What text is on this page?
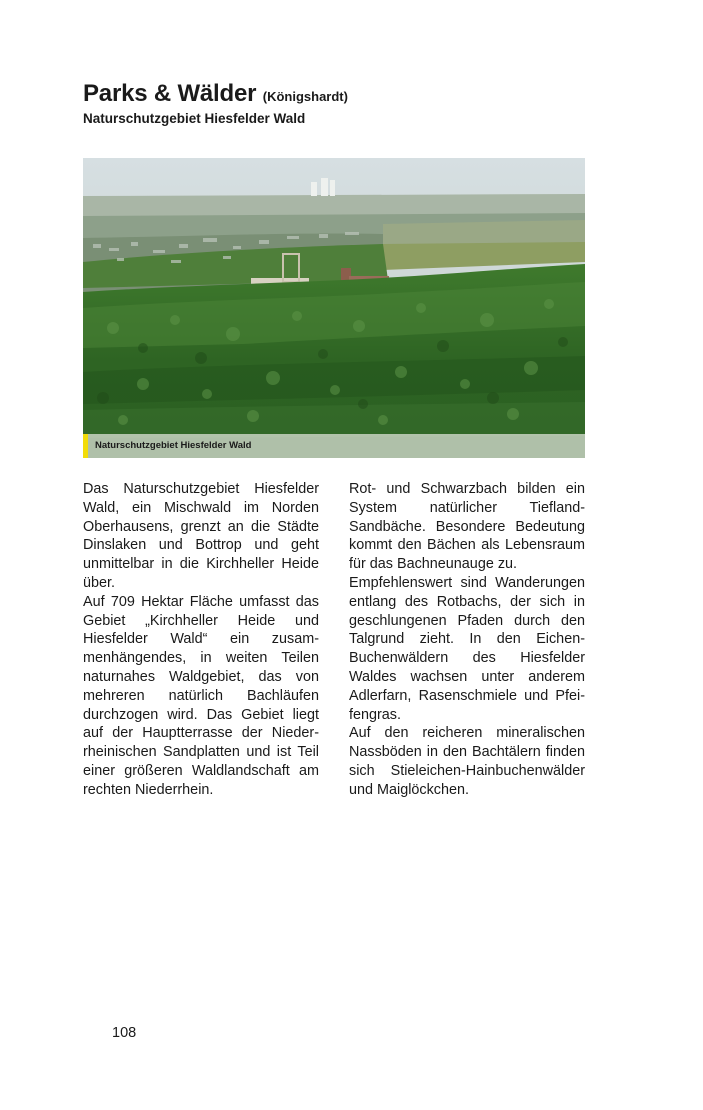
Parks & Wälder (Königshardt)

Naturschutzgebiet Hiesfelder Wald

Naturschutzgebiet Hiesfelder Wald

Das Naturschutzgebiet Hiesfelder Wald, ein Mischwald im Norden Oberhausens, grenzt an die Städte Dinslaken und Bottrop und geht unmittelbar in die Kirchheller Heide über.

Auf 709 Hektar Fläche umfasst das Gebiet „Kirchheller Heide und Hiesfelder Wald“ ein zusammenhängendes, in weiten Teilen naturnahes Waldgebiet, das von mehreren natürlich Bachläufen durchzogen wird. Das Gebiet liegt auf der Hauptterrasse der Niederrheinischen Sandplatten und ist Teil einer größeren Waldlandschaft am rechten Niederrhein.

Rot- und Schwarzbach bilden ein System natürlicher Tiefland-Sandbäche. Besondere Bedeutung kommt den Bächen als Lebensraum für das Bachneunauge zu.

Empfehlenswert sind Wanderungen entlang des Rotbachs, der sich in geschlungenen Pfaden durch den Talgrund zieht. In den Eichen-Buchenwäldern des Hiesfelder Waldes wachsen unter anderem Adlerfarn, Rasenschmiele und Pfeifengras.

Auf den reicheren mineralischen Nassböden in den Bachtälern finden sich Stieleichen-Hainbuchenwälder und Maiglöckchen.

108
